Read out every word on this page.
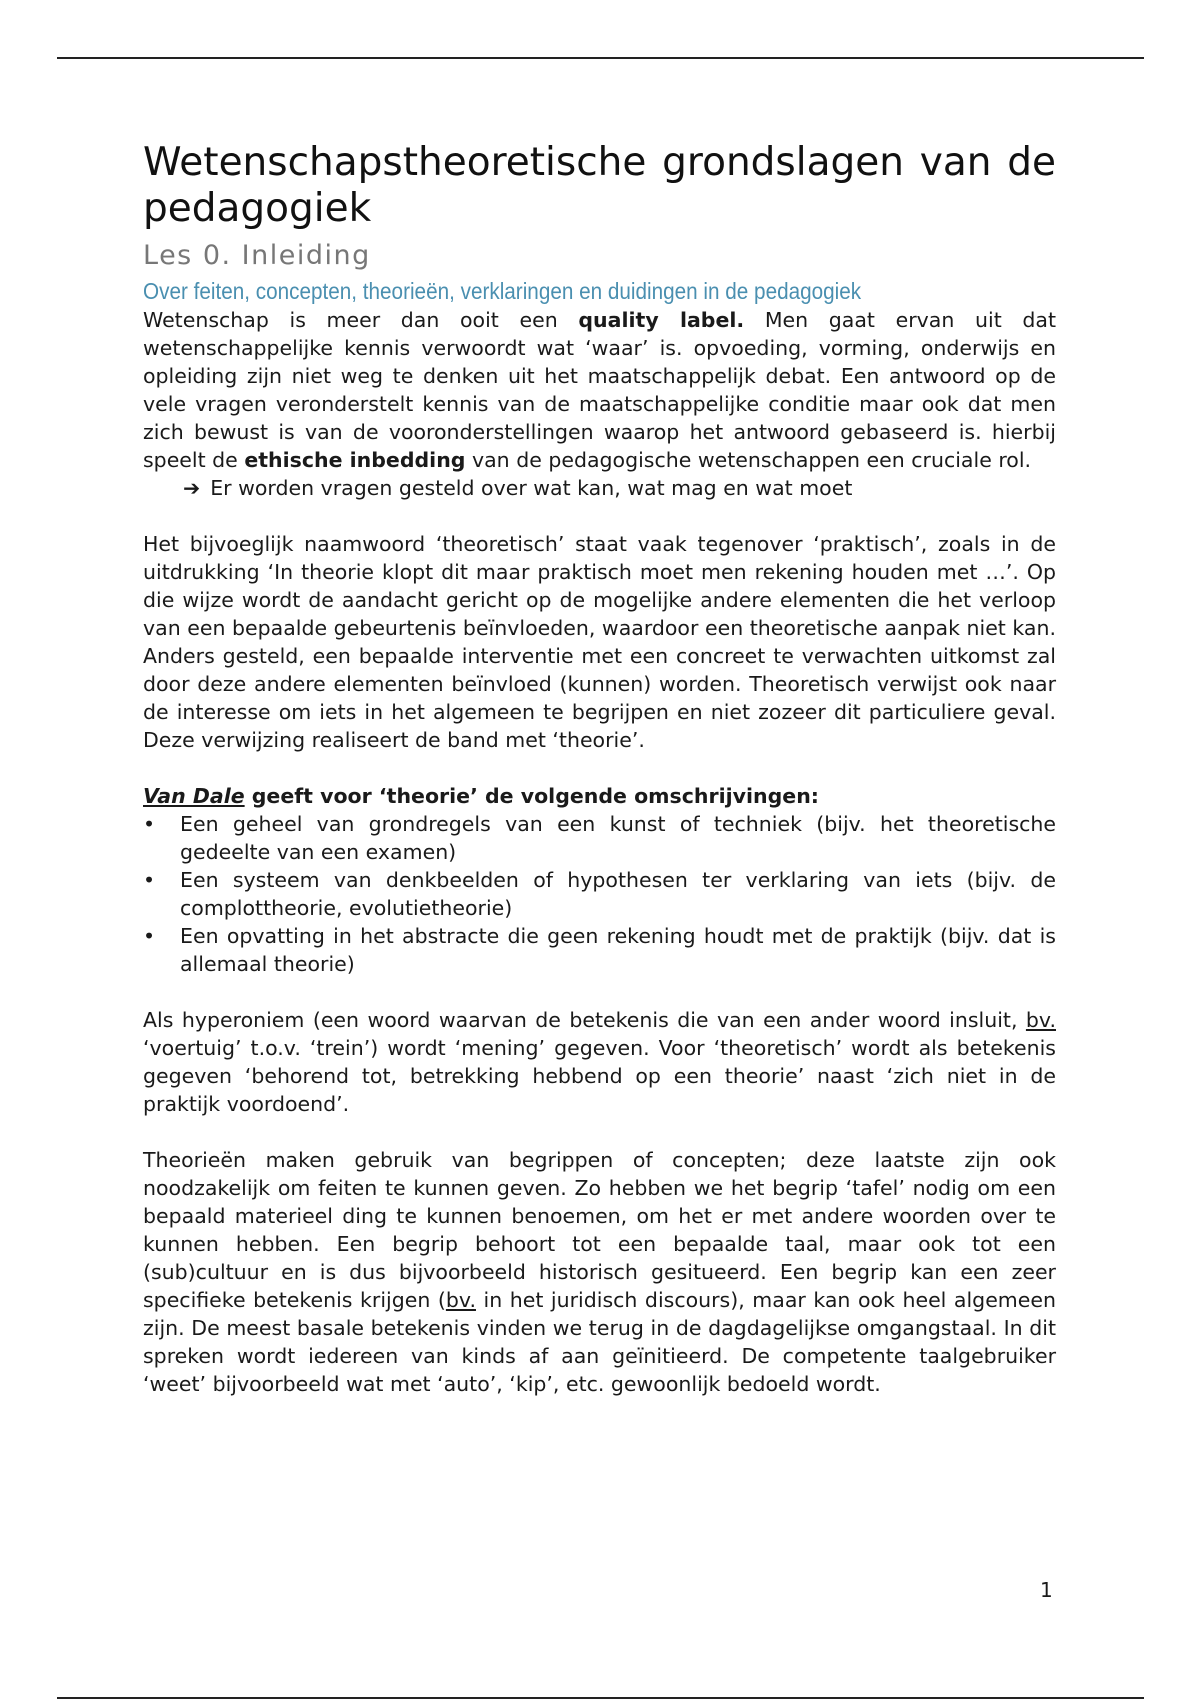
Wetenschapstheoretische grondslagen van de pedagogiek
Les 0. Inleiding
Over feiten, concepten, theorieën, verklaringen en duidingen in de pedagogiek

Wetenschap is meer dan ooit een quality label. Men gaat ervan uit dat wetenschappelijke kennis verwoordt wat ‘waar’ is. opvoeding, vorming, onderwijs en opleiding zijn niet weg te denken uit het maatschappelijk debat. Een antwoord op de vele vragen veronderstelt kennis van de maatschappelijke conditie maar ook dat men zich bewust is van de vooronderstellingen waarop het antwoord gebaseerd is. hierbij speelt de ethische inbedding van de pedagogische wetenschappen een cruciale rol.

➔ Er worden vragen gesteld over wat kan, wat mag en wat moet

Het bijvoeglijk naamwoord ‘theoretisch’ staat vaak tegenover ‘praktisch’, zoals in de uitdrukking ‘In theorie klopt dit maar praktisch moet men rekening houden met …’. Op die wijze wordt de aandacht gericht op de mogelijke andere elementen die het verloop van een bepaalde gebeurtenis beïnvloeden, waardoor een theoretische aanpak niet kan. Anders gesteld, een bepaalde interventie met een concreet te verwachten uitkomst zal door deze andere elementen beïnvloed (kunnen) worden. Theoretisch verwijst ook naar de interesse om iets in het algemeen te begrijpen en niet zozeer dit particuliere geval. Deze verwijzing realiseert de band met ‘theorie’.

Van Dale geeft voor ‘theorie’ de volgende omschrijvingen:
• Een geheel van grondregels van een kunst of techniek (bijv. het theoretische gedeelte van een examen)
• Een systeem van denkbeelden of hypothesen ter verklaring van iets (bijv. de complottheorie, evolutietheorie)
• Een opvatting in het abstracte die geen rekening houdt met de praktijk (bijv. dat is allemaal theorie)

Als hyperoniem (een woord waarvan de betekenis die van een ander woord insluit, bv. ‘voertuig’ t.o.v. ‘trein’) wordt ‘mening’ gegeven. Voor ‘theoretisch’ wordt als betekenis gegeven ‘behorend tot, betrekking hebbend op een theorie’ naast ‘zich niet in de praktijk voordoend’.

Theorieën maken gebruik van begrippen of concepten; deze laatste zijn ook noodzakelijk om feiten te kunnen geven. Zo hebben we het begrip ‘tafel’ nodig om een bepaald materieel ding te kunnen benoemen, om het er met andere woorden over te kunnen hebben. Een begrip behoort tot een bepaalde taal, maar ook tot een (sub)cultuur en is dus bijvoorbeeld historisch gesitueerd. Een begrip kan een zeer specifieke betekenis krijgen (bv. in het juridisch discours), maar kan ook heel algemeen zijn. De meest basale betekenis vinden we terug in de dagdagelijkse omgangstaal. In dit spreken wordt iedereen van kinds af aan geïnitieerd. De competente taalgebruiker ‘weet’ bijvoorbeeld wat met ‘auto’, ‘kip’, etc. gewoonlijk bedoeld wordt.

1
